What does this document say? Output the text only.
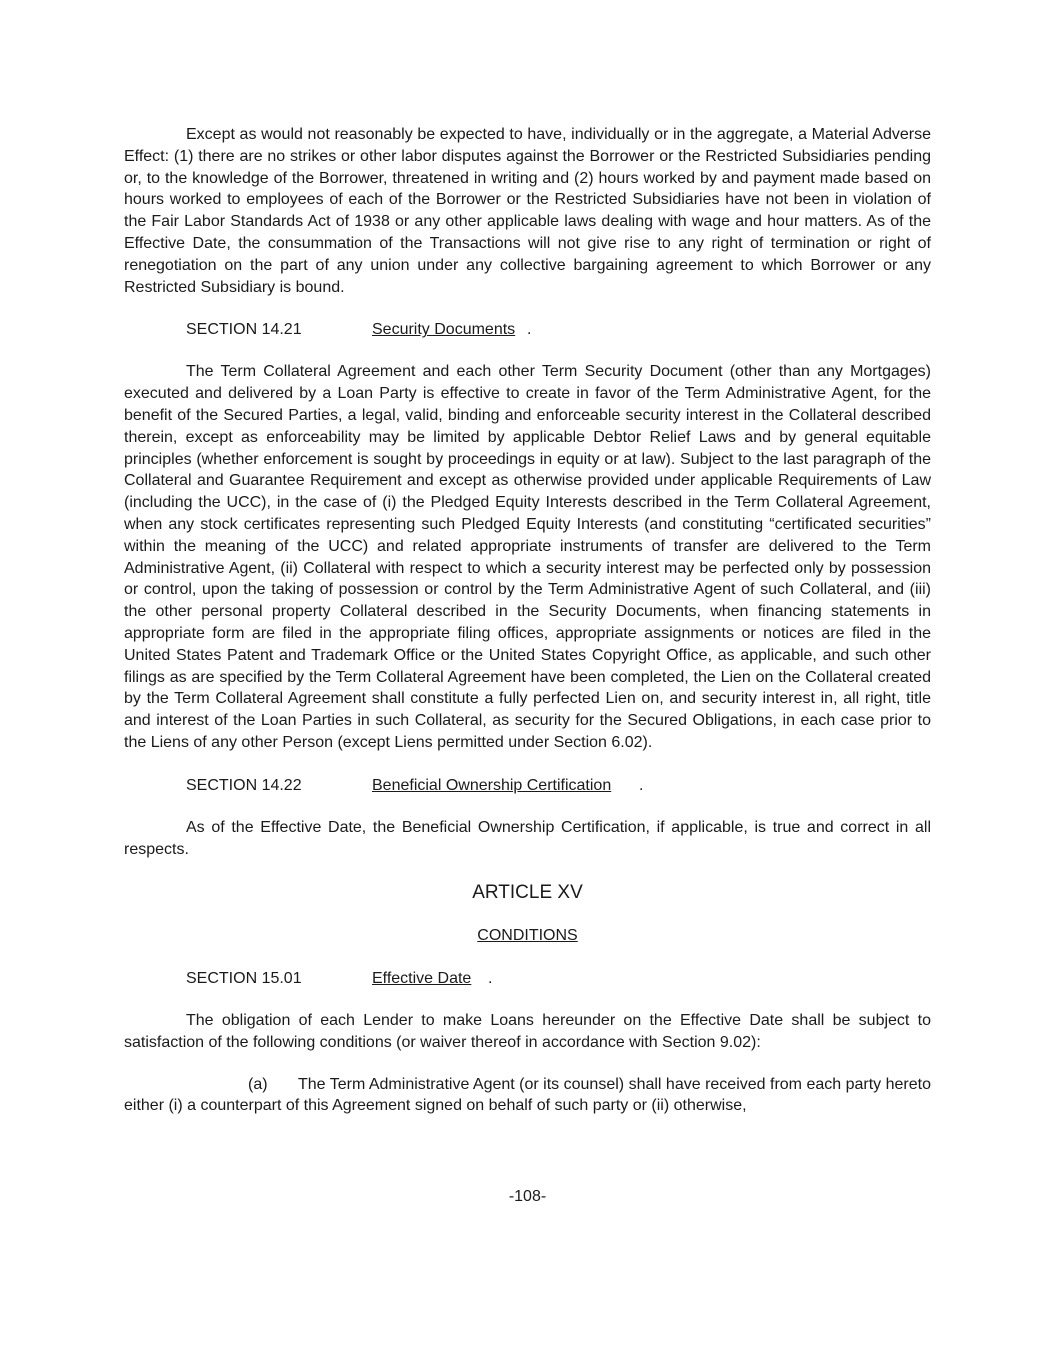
Except as would not reasonably be expected to have, individually or in the aggregate, a Material Adverse Effect: (1) there are no strikes or other labor disputes against the Borrower or the Restricted Subsidiaries pending or, to the knowledge of the Borrower, threatened in writing and (2) hours worked by and payment made based on hours worked to employees of each of the Borrower or the Restricted Subsidiaries have not been in violation of the Fair Labor Standards Act of 1938 or any other applicable laws dealing with wage and hour matters. As of the Effective Date, the consummation of the Transactions will not give rise to any right of termination or right of renegotiation on the part of any union under any collective bargaining agreement to which Borrower or any Restricted Subsidiary is bound.

SECTION 14.21	Security Documents .

The Term Collateral Agreement and each other Term Security Document (other than any Mortgages) executed and delivered by a Loan Party is effective to create in favor of the Term Administrative Agent, for the benefit of the Secured Parties, a legal, valid, binding and enforceable security interest in the Collateral described therein, except as enforceability may be limited by applicable Debtor Relief Laws and by general equitable principles (whether enforcement is sought by proceedings in equity or at law). Subject to the last paragraph of the Collateral and Guarantee Requirement and except as otherwise provided under applicable Requirements of Law (including the UCC), in the case of (i) the Pledged Equity Interests described in the Term Collateral Agreement, when any stock certificates representing such Pledged Equity Interests (and constituting “certificated securities” within the meaning of the UCC) and related appropriate instruments of transfer are delivered to the Term Administrative Agent, (ii) Collateral with respect to which a security interest may be perfected only by possession or control, upon the taking of possession or control by the Term Administrative Agent of such Collateral, and (iii) the other personal property Collateral described in the Security Documents, when financing statements in appropriate form are filed in the appropriate filing offices, appropriate assignments or notices are filed in the United States Patent and Trademark Office or the United States Copyright Office, as applicable, and such other filings as are specified by the Term Collateral Agreement have been completed, the Lien on the Collateral created by the Term Collateral Agreement shall constitute a fully perfected Lien on, and security interest in, all right, title and interest of the Loan Parties in such Collateral, as security for the Secured Obligations, in each case prior to the Liens of any other Person (except Liens permitted under Section 6.02).

SECTION 14.22	Beneficial Ownership Certification .

As of the Effective Date, the Beneficial Ownership Certification, if applicable, is true and correct in all respects.

ARTICLE XV
CONDITIONS
SECTION 15.01	Effective Date .

The obligation of each Lender to make Loans hereunder on the Effective Date shall be subject to satisfaction of the following conditions (or waiver thereof in accordance with Section 9.02):

(a) The Term Administrative Agent (or its counsel) shall have received from each party hereto either (i) a counterpart of this Agreement signed on behalf of such party or (ii) otherwise,

-108-
